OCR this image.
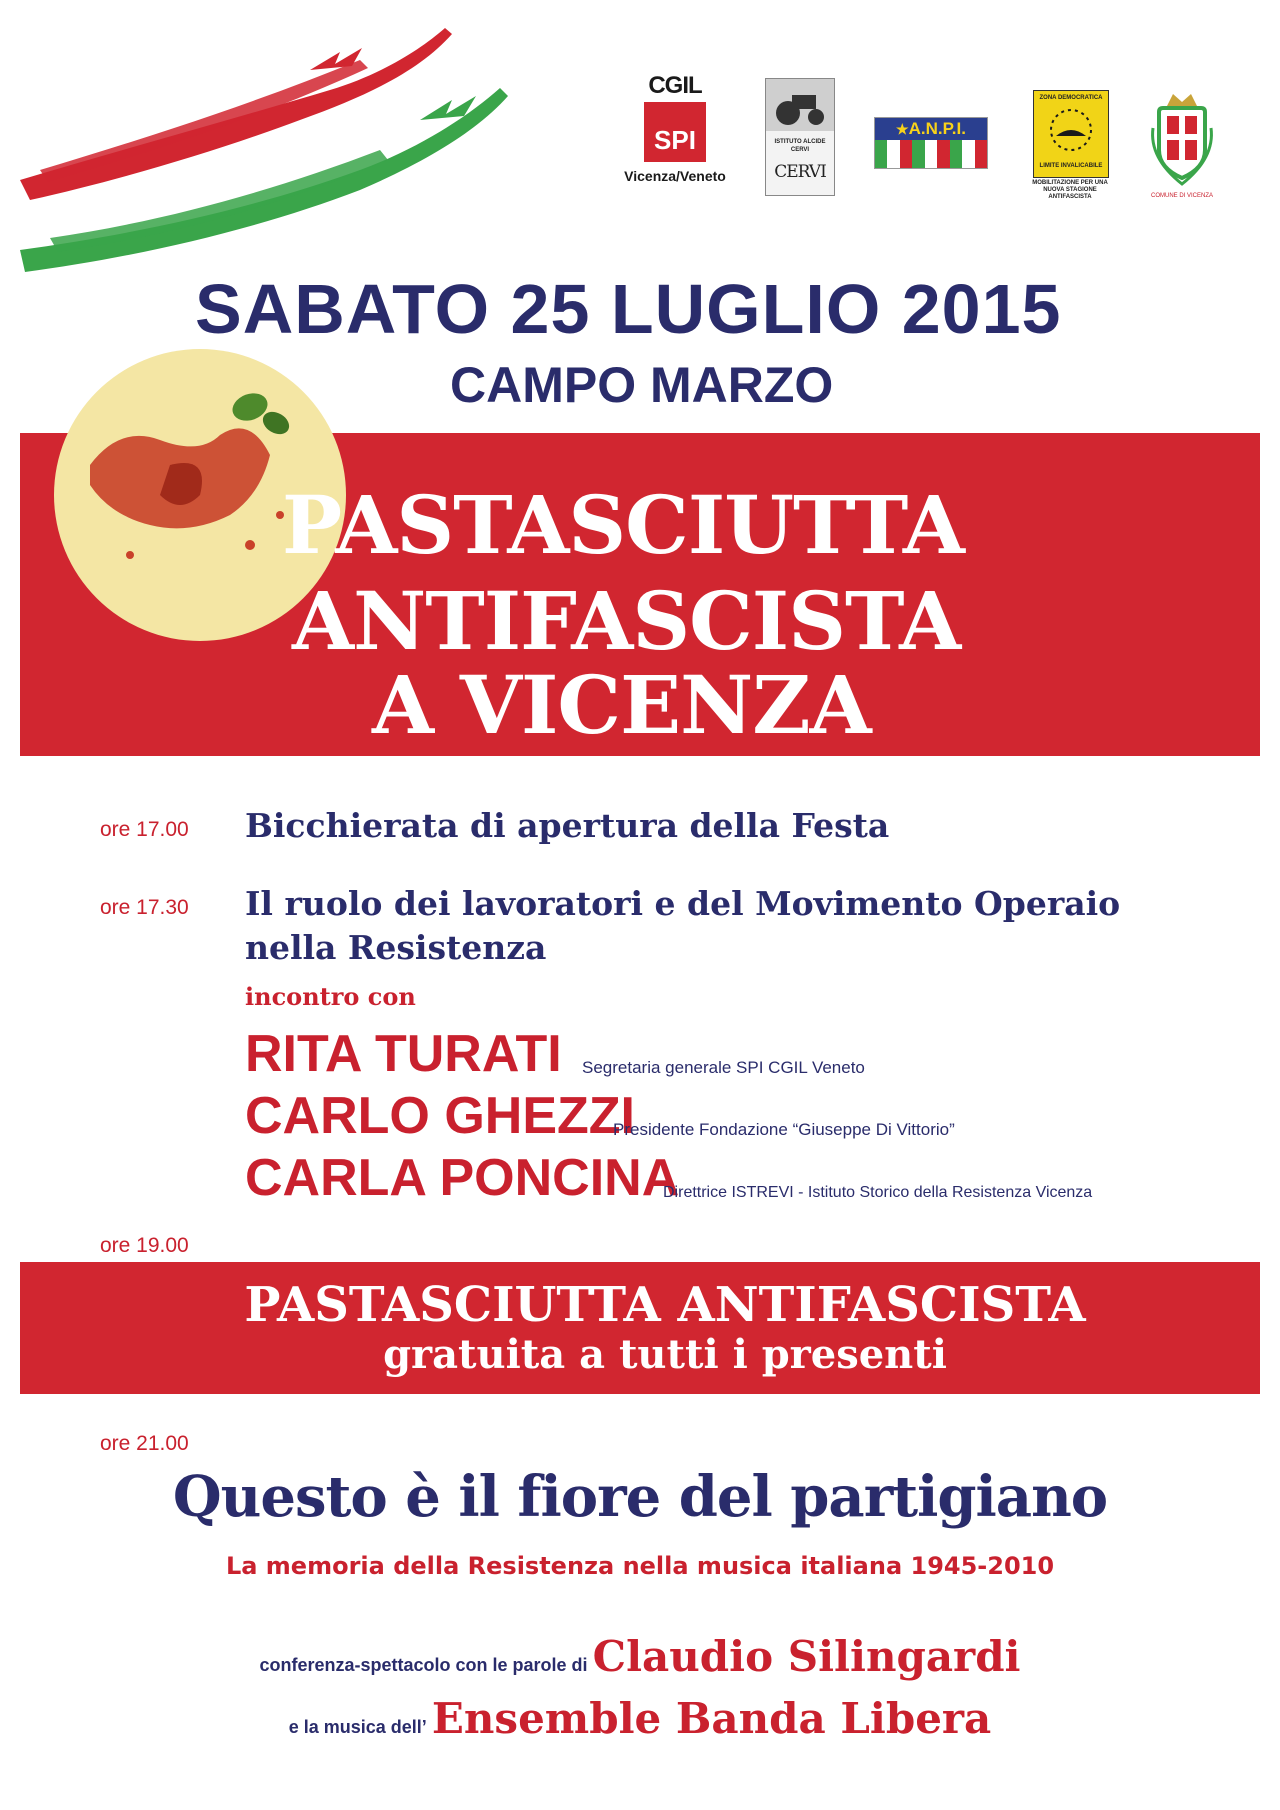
CGIL
SPI
Vicenza/Veneto
ISTITUTO ALCIDE CERVI
CERVI
★A.N.P.I.
ZONA DEMOCRATICA
LIMITE INVALICABILE
MOBILITAZIONE PER UNA NUOVA STAGIONE ANTIFASCISTA	COMUNE DI VICENZA
SABATO 25 LUGLIO 2015
CAMPO MARZO
PASTASCIUTTA
ANTIFASCISTA
A VICENZA
ore 17.00 Bicchierata di apertura della Festa
ore 17.30 Il ruolo dei lavoratori e del Movimento Operaio
nella Resistenza
incontro con
RITA TURATI Segretaria generale SPI CGIL Veneto
CARLO GHEZZI
Presidente Fondazione “Giuseppe Di Vittorio”
CARLA PONCINA
Direttrice ISTREVI - Istituto Storico della Resistenza Vicenza
ore 19.00
PASTASCIUTTA ANTIFASCISTA
gratuita a tutti i presenti
ore 21.00
Questo è il fiore del partigiano
La memoria della Resistenza nella musica italiana 1945-2010
conferenza-spettacolo con le parole di Claudio Silingardi
e la musica dell’ Ensemble Banda Libera
